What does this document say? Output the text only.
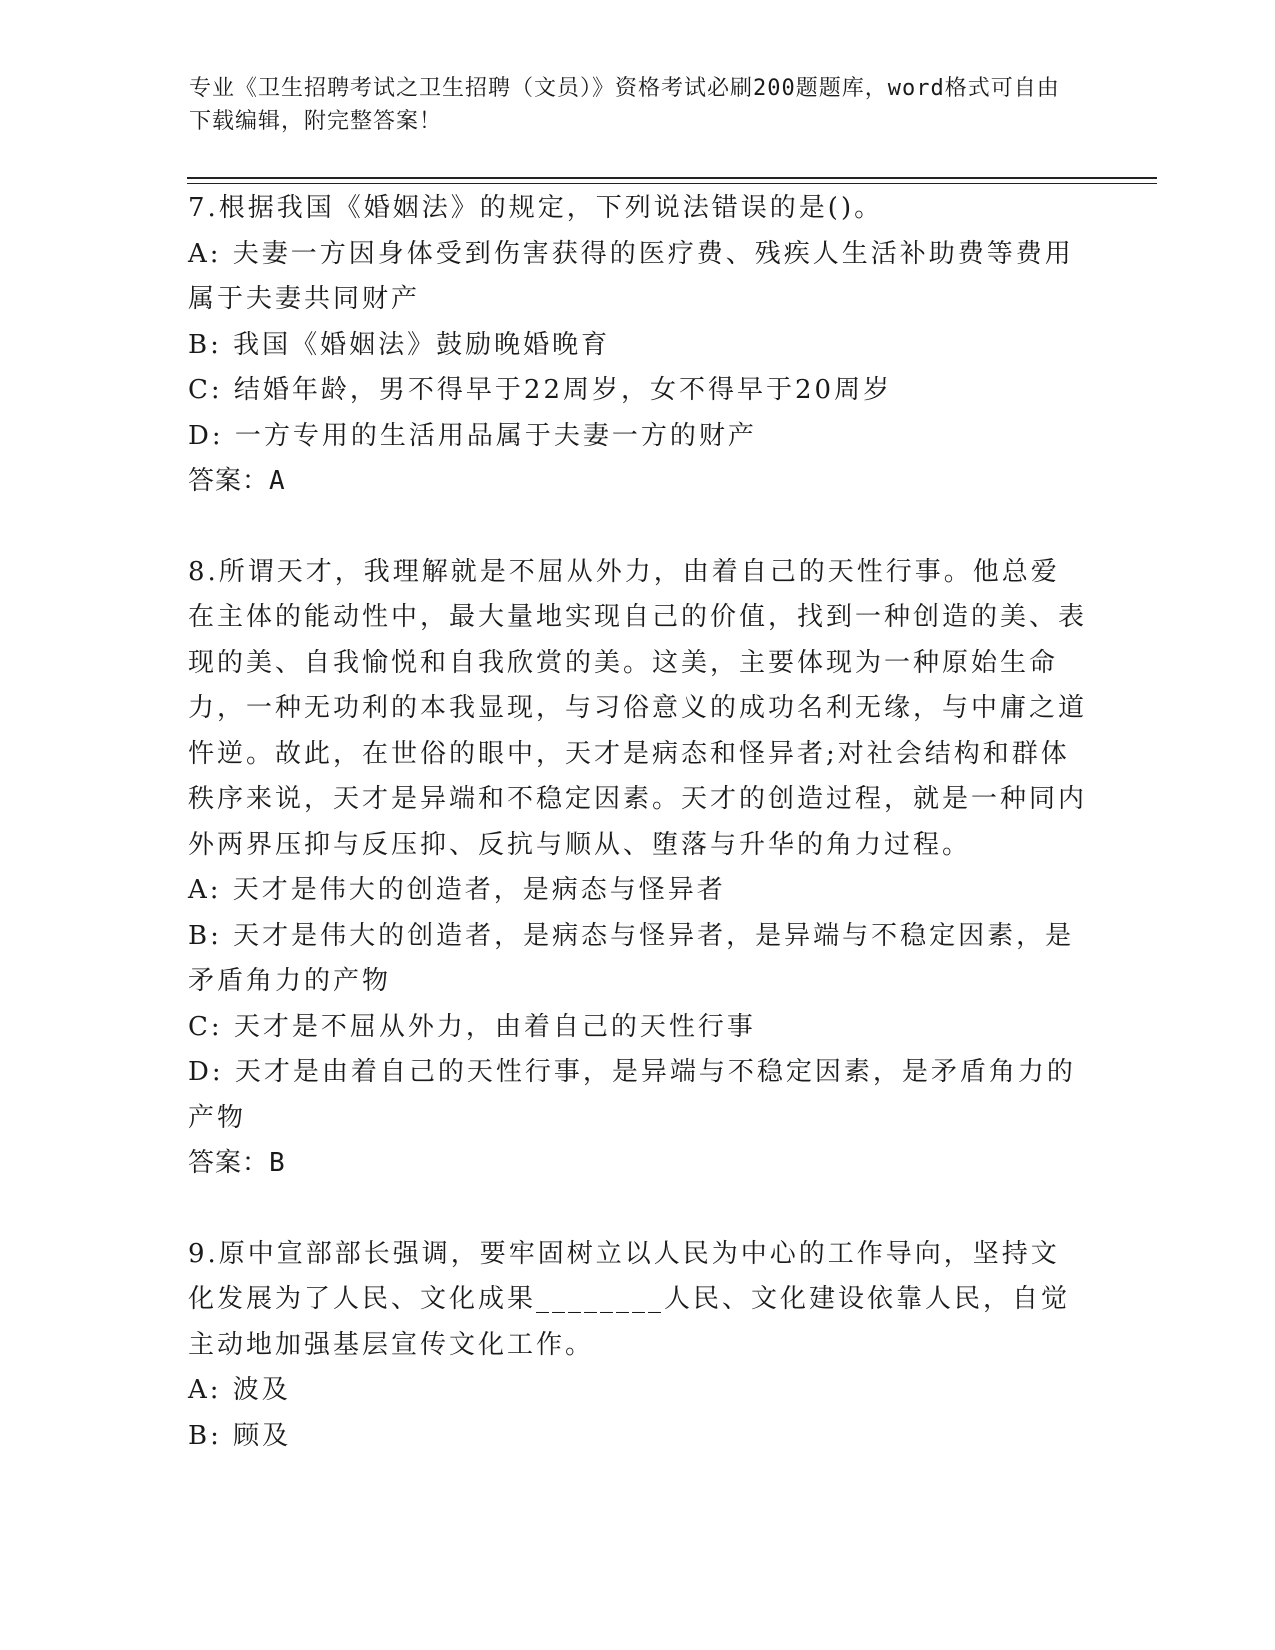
专业《卫生招聘考试之卫生招聘（文员）》资格考试必刷200题题库，word格式可自由下载编辑，附完整答案！

7.根据我国《婚姻法》的规定，下列说法错误的是()。

A: 夫妻一方因身体受到伤害获得的医疗费、残疾人生活补助费等费用属于夫妻共同财产

B: 我国《婚姻法》鼓励晚婚晚育

C: 结婚年龄，男不得早于22周岁，女不得早于20周岁

D: 一方专用的生活用品属于夫妻一方的财产

答案：A

8.所谓天才，我理解就是不屈从外力，由着自己的天性行事。他总爱在主体的能动性中，最大量地实现自己的价值，找到一种创造的美、表现的美、自我愉悦和自我欣赏的美。这美，主要体现为一种原始生命力，一种无功利的本我显现，与习俗意义的成功名利无缘，与中庸之道忤逆。故此，在世俗的眼中，天才是病态和怪异者;对社会结构和群体秩序来说，天才是异端和不稳定因素。天才的创造过程，就是一种同内外两界压抑与反压抑、反抗与顺从、堕落与升华的角力过程。

A: 天才是伟大的创造者，是病态与怪异者

B: 天才是伟大的创造者，是病态与怪异者，是异端与不稳定因素，是矛盾角力的产物

C: 天才是不屈从外力，由着自己的天性行事

D: 天才是由着自己的天性行事，是异端与不稳定因素，是矛盾角力的产物

答案：B

9.原中宣部部长强调，要牢固树立以人民为中心的工作导向，坚持文化发展为了人民、文化成果________人民、文化建设依靠人民，自觉主动地加强基层宣传文化工作。

A: 波及

B: 顾及
